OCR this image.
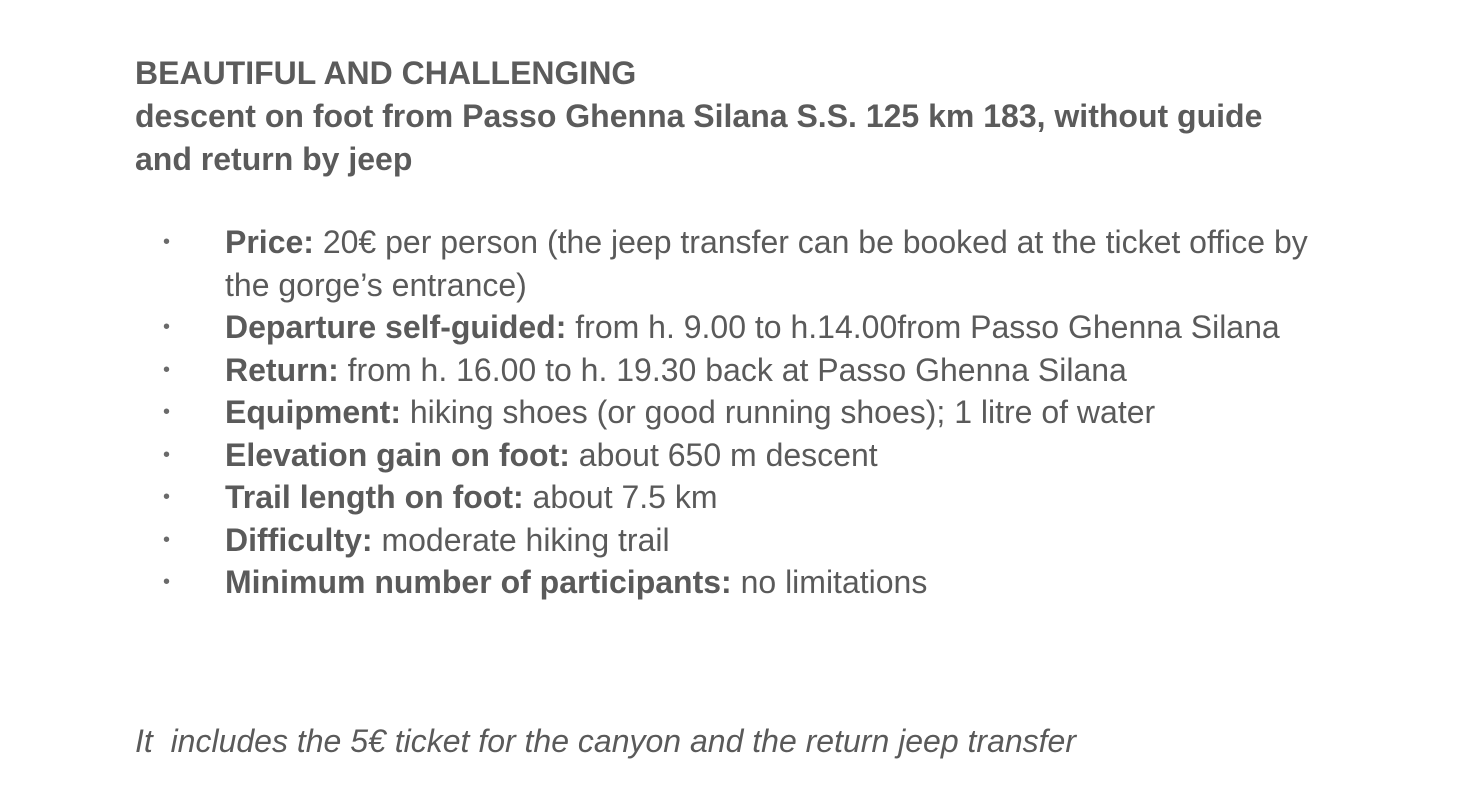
BEAUTIFUL AND CHALLENGING
descent on foot from Passo Ghenna Silana S.S. 125 km 183, without guide and return by jeep
• Price: 20€ per person (the jeep transfer can be booked at the ticket office by the gorge’s entrance)
• Departure self-guided: from h. 9.00 to h.14.00from Passo Ghenna Silana
• Return: from h. 16.00 to h. 19.30 back at Passo Ghenna Silana
• Equipment: hiking shoes (or good running shoes); 1 litre of water
• Elevation gain on foot: about 650 m descent
• Trail length on foot: about 7.5 km
• Difficulty: moderate hiking trail
• Minimum number of participants: no limitations

It  includes the 5€ ticket for the canyon and the return jeep transfer
